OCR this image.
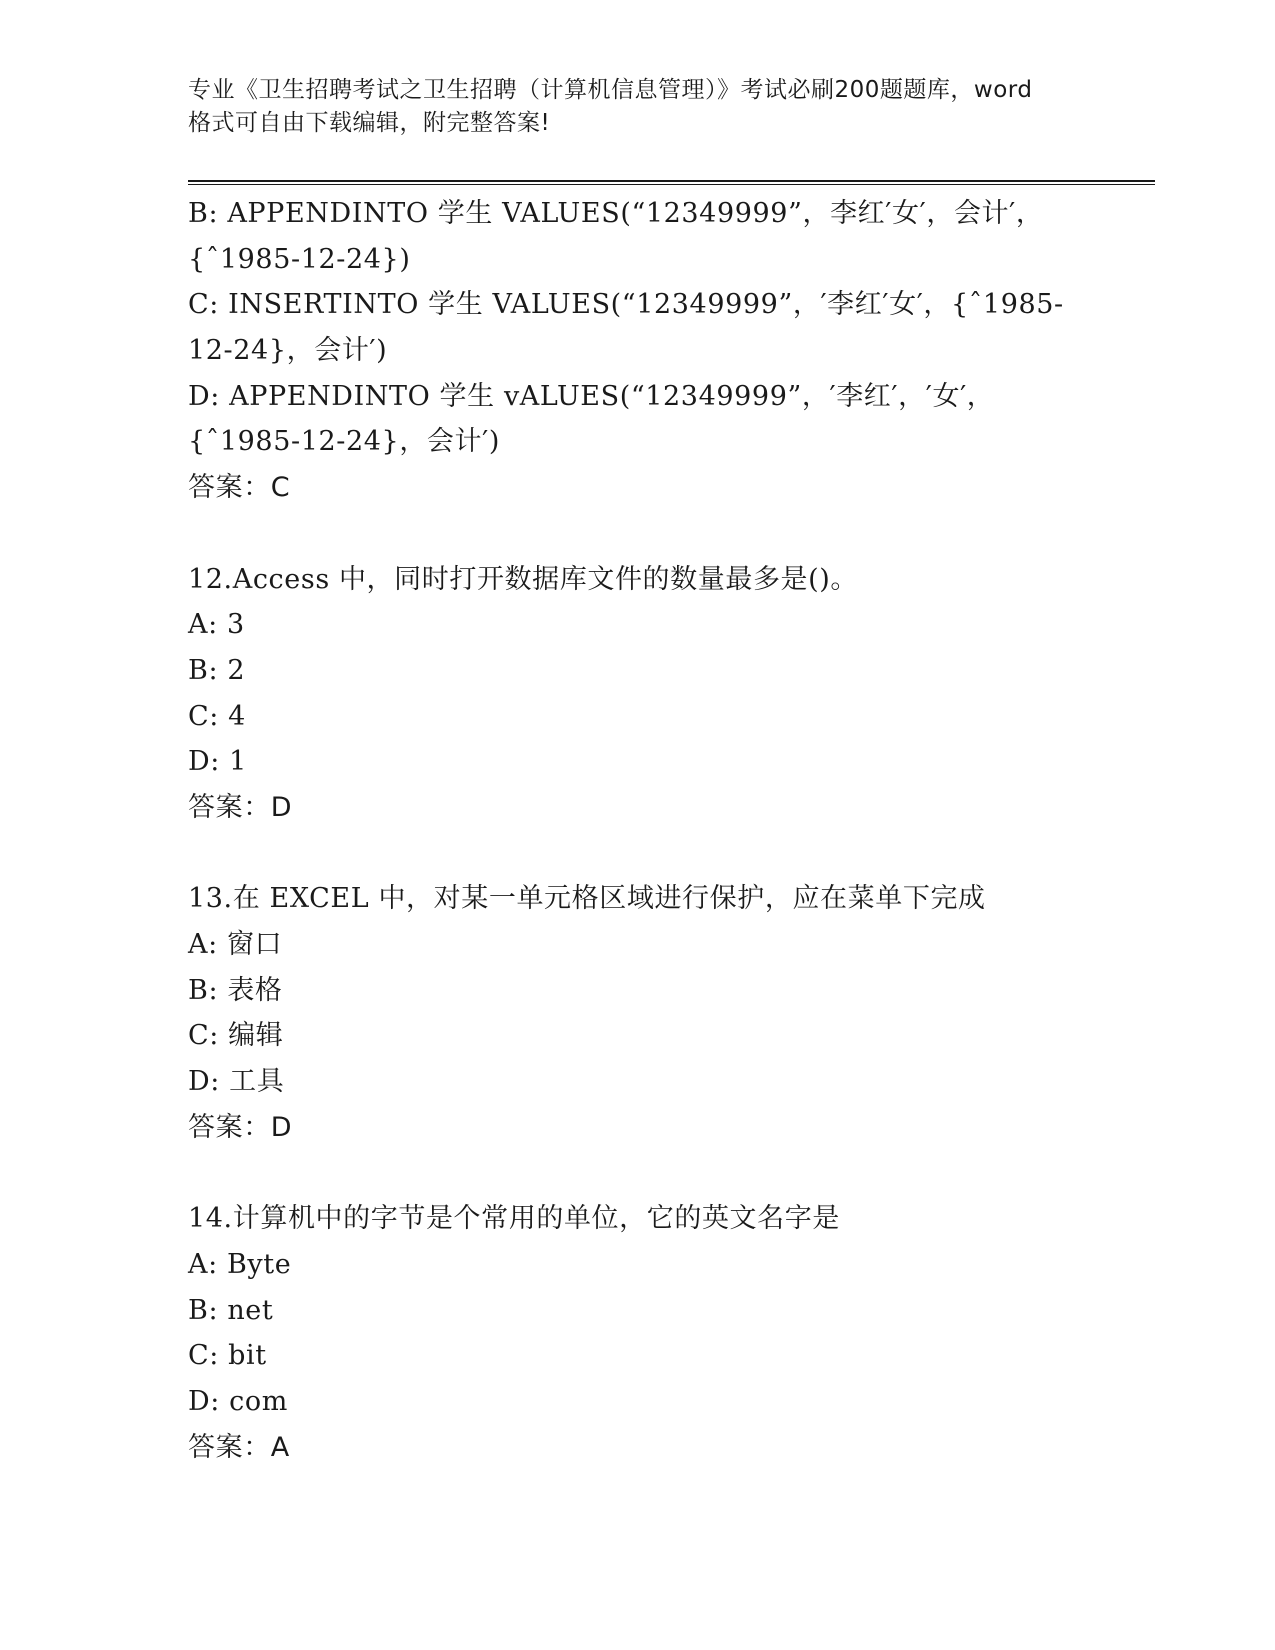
专业《卫生招聘考试之卫生招聘（计算机信息管理）》考试必刷200题题库，word
格式可自由下载编辑，附完整答案!
B: APPENDINTO 学生 VALUES(“12349999”，李红′女′，会计′，
{ˆ1985-12-24})
C: INSERTINTO 学生 VALUES(“12349999”，′李红′女′，{ˆ1985-
12-24}，会计′)
D: APPENDINTO 学生 vALUES(“12349999”，′李红′，′女′，
{ˆ1985-12-24}，会计′)
答案：C
12.Access 中，同时打开数据库文件的数量最多是()。
A: 3
B: 2
C: 4
D: 1
答案：D
13.在 EXCEL 中，对某一单元格区域进行保护，应在菜单下完成
A: 窗口
B: 表格
C: 编辑
D: 工具
答案：D
14.计算机中的字节是个常用的单位，它的英文名字是
A: Byte
B: net
C: bit
D: com
答案：A
